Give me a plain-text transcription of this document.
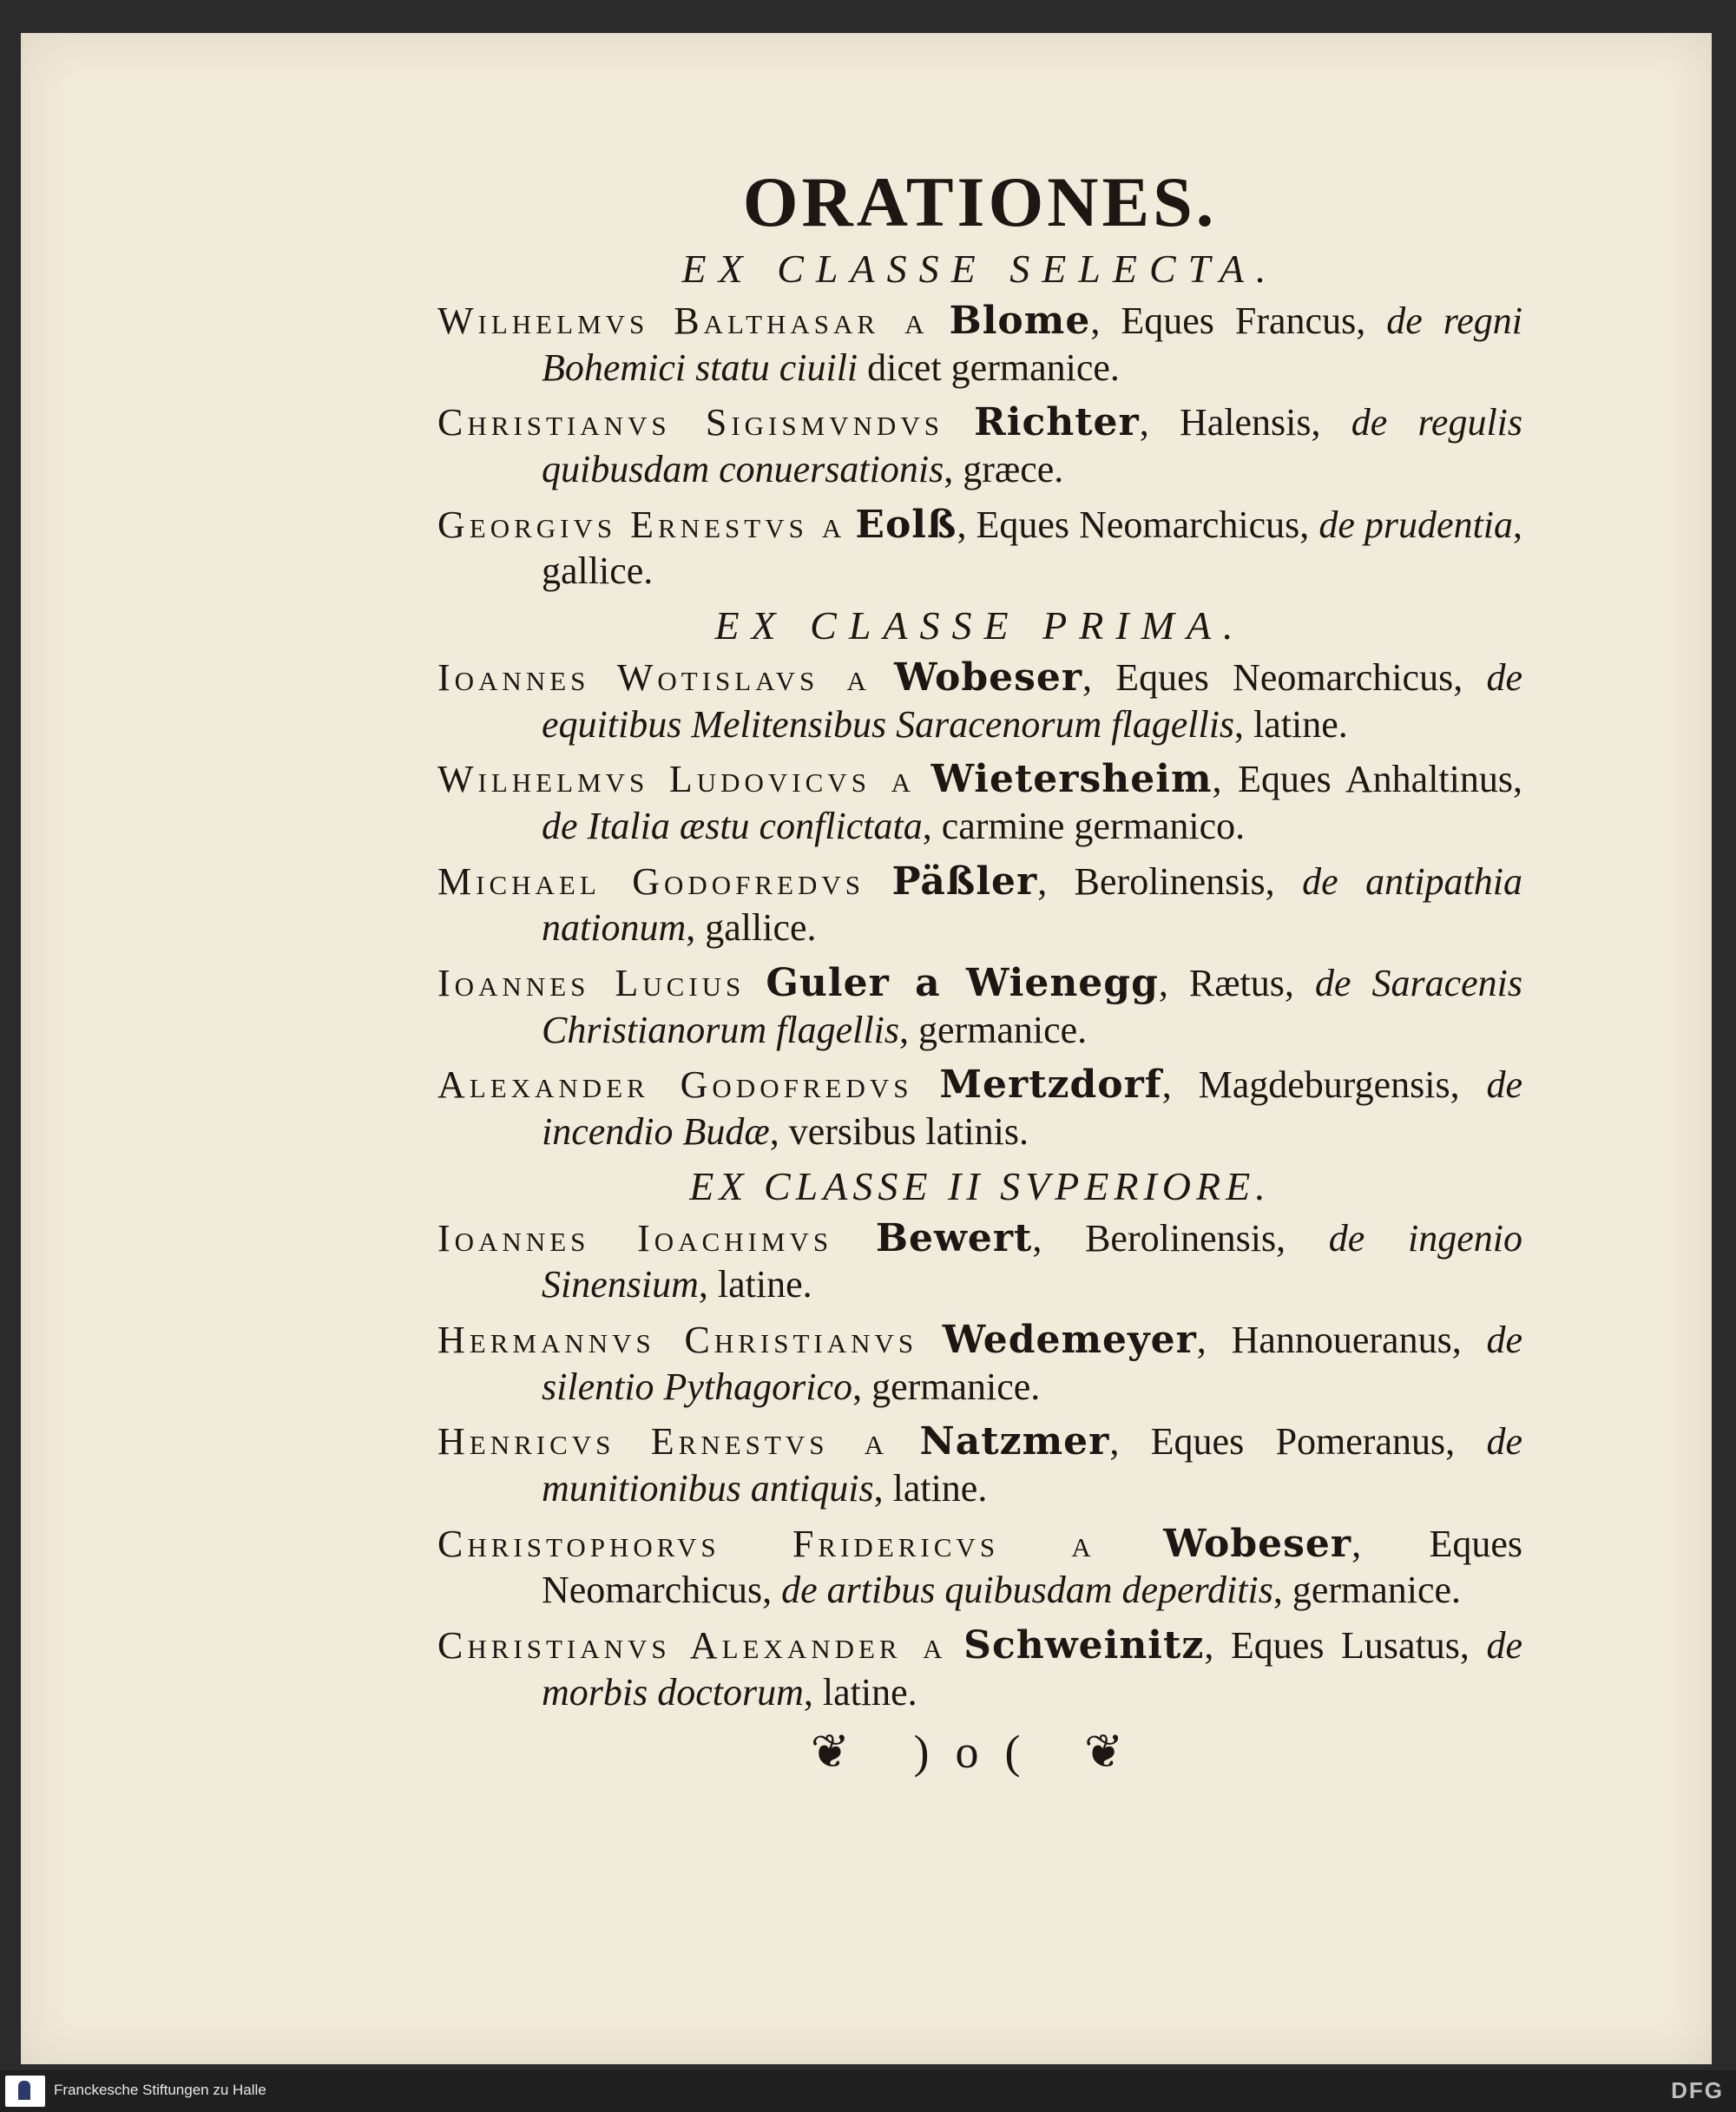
ORATIONES.
EX CLASSE SELECTA.
Wilhelmvs Balthasar a Blome, Eques Francus, de regni Bohemici statu ciuili dicet germanice.
Christianvs Sigismvndvs Richter, Halensis, de regulis quibusdam conuersationis, græce.
Georgivs Ernestvs a Eolß, Eques Neomarchicus, de prudentia, gallice.
EX CLASSE PRIMA.
Ioannes Wotislavs a Wobeser, Eques Neomarchicus, de equitibus Melitensibus Saracenorum flagellis, latine.
Wilhelmvs Ludovicvs a Wietersheim, Eques Anhaltinus, de Italia æstu conflictata, carmine germanico.
Michael Godofredvs Päßler, Berolinensis, de antipathia nationum, gallice.
Ioannes Lucius Guler a Wienegg, Rætus, de Saracenis Christianorum flagellis, germanice.
Alexander Godofredvs Mertzdorf, Magdeburgensis, de incendio Budæ, versibus latinis.
EX CLASSE II SVPERIORE.
Ioannes Ioachimvs Bewert, Berolinensis, de ingenio Sinensium, latine.
Hermannvs Christianvs Wedemeyer, Hannoueranus, de silentio Pythagorico, germanice.
Henricvs Ernestvs a Natzmer, Eques Pomeranus, de munitionibus antiquis, latine.
Christophorvs Fridericvs a Wobeser, Eques Neomarchicus, de artibus quibusdam deperditis, germanice.
Christianvs Alexander a Schweinitz, Eques Lusatus, de morbis doctorum, latine.
❦ )o( ❦
Franckesche Stiftungen zu Halle	DFG
